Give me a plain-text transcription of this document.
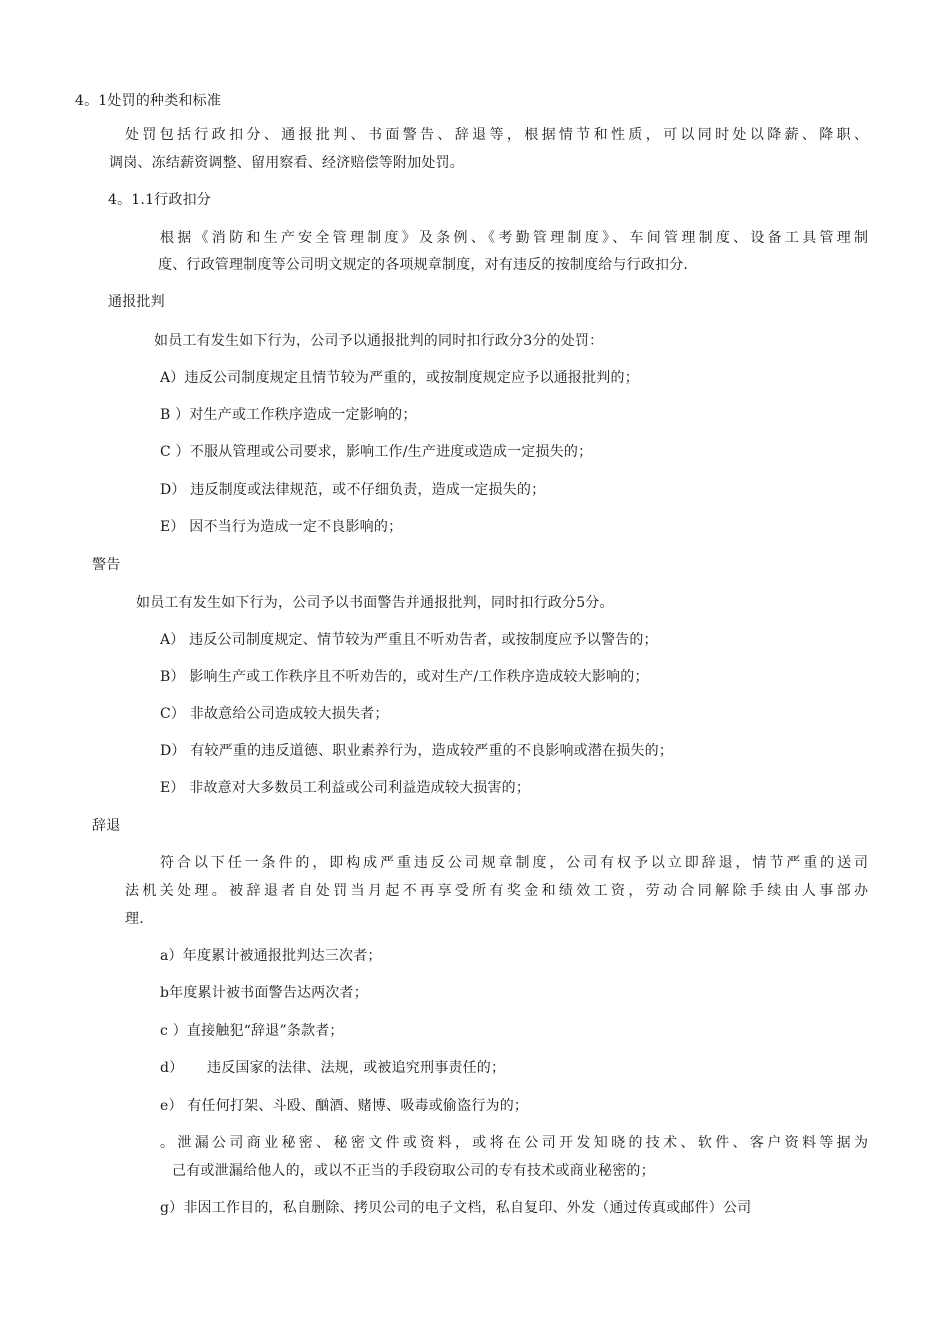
4。1处罚的种类和标准
处罚包括行政扣分、通报批判、书面警告、辞退等，根据情节和性质，可以同时处以降薪、降职、
调岗、冻结薪资调整、留用察看、经济赔偿等附加处罚。
4。1.1行政扣分
根据《消防和生产安全管理制度》及条例、《考勤管理制度》、车间管理制度、设备工具管理制
度、行政管理制度等公司明文规定的各项规章制度，对有违反的按制度给与行政扣分.
通报批判
如员工有发生如下行为，公司予以通报批判的同时扣行政分3分的处罚：
A）违反公司制度规定且情节较为严重的，或按制度规定应予以通报批判的；
B ）对生产或工作秩序造成一定影响的；
C ）不服从管理或公司要求，影响工作/生产进度或造成一定损失的；
D） 违反制度或法律规范，或不仔细负责，造成一定损失的；
E） 因不当行为造成一定不良影响的；
警告
如员工有发生如下行为，公司予以书面警告并通报批判，同时扣行政分5分。
A） 违反公司制度规定、情节较为严重且不听劝告者，或按制度应予以警告的；
B） 影响生产或工作秩序且不听劝告的，或对生产/工作秩序造成较大影响的；
C） 非故意给公司造成较大损失者；
D） 有较严重的违反道德、职业素养行为，造成较严重的不良影响或潜在损失的；
E） 非故意对大多数员工利益或公司利益造成较大损害的；
辞退
符合以下任一条件的，即构成严重违反公司规章制度，公司有权予以立即辞退，情节严重的送司
法机关处理。被辞退者自处罚当月起不再享受所有奖金和绩效工资，劳动合同解除手续由人事部办
理.
a）年度累计被通报批判达三次者；
b年度累计被书面警告达两次者；
c ）直接触犯“辞退”条款者；
d） 违反国家的法律、法规，或被追究刑事责任的；
e） 有任何打架、斗殴、酗酒、赌博、吸毒或偷盗行为的；
。泄漏公司商业秘密、秘密文件或资料，或将在公司开发知晓的技术、软件、客户资料等据为
己有或泄漏给他人的，或以不正当的手段窃取公司的专有技术或商业秘密的；
g）非因工作目的，私自删除、拷贝公司的电子文档，私自复印、外发（通过传真或邮件）公司
